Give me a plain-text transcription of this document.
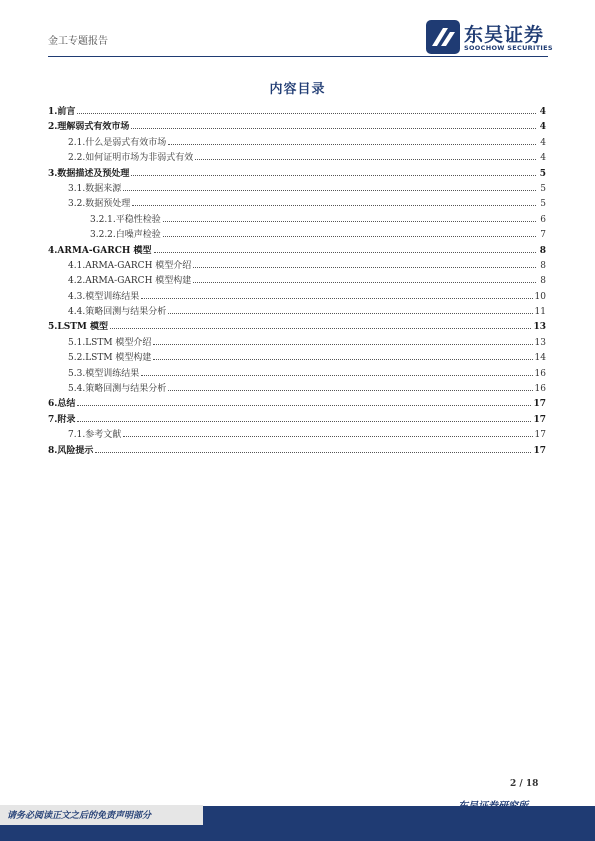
金工专题报告	东吴证券
SOOCHOW SECURITIES
内容目录
1. 前言	4
2. 理解弱式有效市场	4
2.1. 什么是弱式有效市场	4
2.2. 如何证明市场为非弱式有效	4
3. 数据描述及预处理	5
3.1. 数据来源	5
3.2. 数据预处理	5
3.2.1. 平稳性检验	6
3.2.2. 白噪声检验	7
4. ARMA-GARCH 模型	8
4.1. ARMA-GARCH 模型介绍	8
4.2. ARMA-GARCH 模型构建	8
4.3. 模型训练结果	10
4.4. 策略回测与结果分析	11
5. LSTM 模型	13
5.1. LSTM 模型介绍	13
5.2. LSTM 模型构建	14
5.3. 模型训练结果	16
5.4. 策略回测与结果分析	16
6. 总结	17
7. 附录	17
7.1. 参考文献	17
8. 风险提示	17
2 / 18
请务必阅读正文之后的免责声明部分
东吴证券研究所
